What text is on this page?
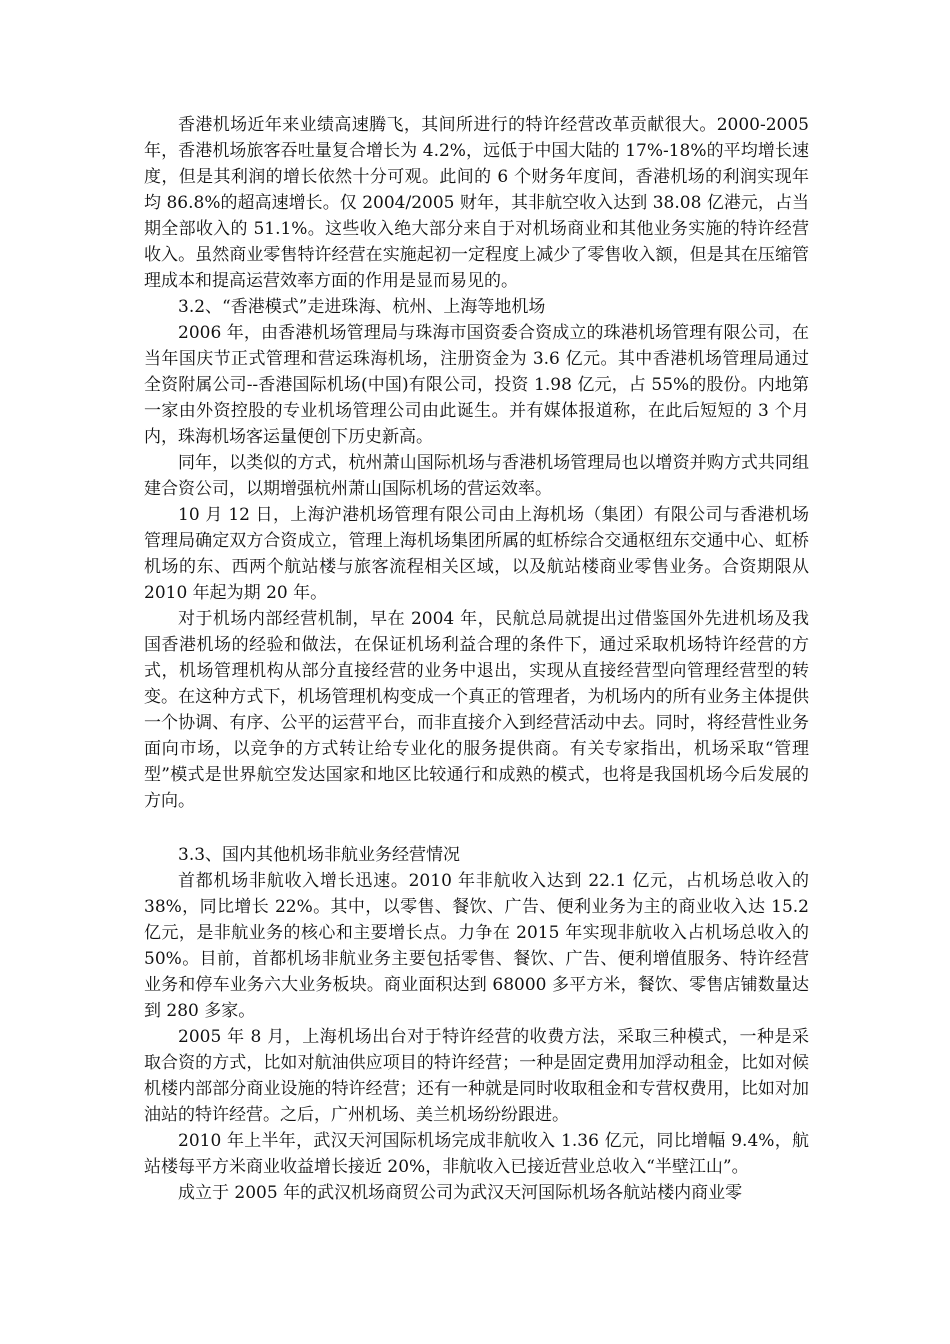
香港机场近年来业绩高速腾飞，其间所进行的特许经营改革贡献很大。2000-2005 年，香港机场旅客吞吐量复合增长为 4.2%，远低于中国大陆的 17%-18%的平均增长速度，但是其利润的增长依然十分可观。此间的 6 个财务年度间，香港机场的利润实现年均 86.8%的超高速增长。仅 2004/2005 财年，其非航空收入达到 38.08 亿港元，占当期全部收入的 51.1%。这些收入绝大部分来自于对机场商业和其他业务实施的特许经营收入。虽然商业零售特许经营在实施起初一定程度上减少了零售收入额，但是其在压缩管理成本和提高运营效率方面的作用是显而易见的。

3.2、“香港模式”走进珠海、杭州、上海等地机场

2006 年，由香港机场管理局与珠海市国资委合资成立的珠港机场管理有限公司，在当年国庆节正式管理和营运珠海机场，注册资金为 3.6 亿元。其中香港机场管理局通过全资附属公司--香港国际机场(中国)有限公司，投资 1.98 亿元，占 55%的股份。内地第一家由外资控股的专业机场管理公司由此诞生。并有媒体报道称，在此后短短的 3 个月内，珠海机场客运量便创下历史新高。

同年，以类似的方式，杭州萧山国际机场与香港机场管理局也以增资并购方式共同组建合资公司，以期增强杭州萧山国际机场的营运效率。

10 月 12 日，上海沪港机场管理有限公司由上海机场（集团）有限公司与香港机场管理局确定双方合资成立，管理上海机场集团所属的虹桥综合交通枢纽东交通中心、虹桥机场的东、西两个航站楼与旅客流程相关区域，以及航站楼商业零售业务。合资期限从 2010 年起为期 20 年。

对于机场内部经营机制，早在 2004 年，民航总局就提出过借鉴国外先进机场及我国香港机场的经验和做法，在保证机场利益合理的条件下，通过采取机场特许经营的方式，机场管理机构从部分直接经营的业务中退出，实现从直接经营型向管理经营型的转变。在这种方式下，机场管理机构变成一个真正的管理者，为机场内的所有业务主体提供一个协调、有序、公平的运营平台，而非直接介入到经营活动中去。同时，将经营性业务面向市场，以竞争的方式转让给专业化的服务提供商。有关专家指出，机场采取“管理型”模式是世界航空发达国家和地区比较通行和成熟的模式，也将是我国机场今后发展的方向。

3.3、国内其他机场非航业务经营情况

首都机场非航收入增长迅速。2010 年非航收入达到 22.1 亿元，占机场总收入的 38%，同比增长 22%。其中，以零售、餐饮、广告、便利业务为主的商业收入达 15.2 亿元，是非航业务的核心和主要增长点。力争在 2015 年实现非航收入占机场总收入的 50%。目前，首都机场非航业务主要包括零售、餐饮、广告、便利增值服务、特许经营业务和停车业务六大业务板块。商业面积达到 68000 多平方米，餐饮、零售店铺数量达到 280 多家。

2005 年 8 月，上海机场出台对于特许经营的收费方法，采取三种模式，一种是采取合资的方式，比如对航油供应项目的特许经营；一种是固定费用加浮动租金，比如对候机楼内部部分商业设施的特许经营；还有一种就是同时收取租金和专营权费用，比如对加油站的特许经营。之后，广州机场、美兰机场纷纷跟进。

2010 年上半年，武汉天河国际机场完成非航收入 1.36 亿元，同比增幅 9.4%，航站楼每平方米商业收益增长接近 20%，非航收入已接近营业总收入“半壁江山”。

成立于 2005 年的武汉机场商贸公司为武汉天河国际机场各航站楼内商业零
